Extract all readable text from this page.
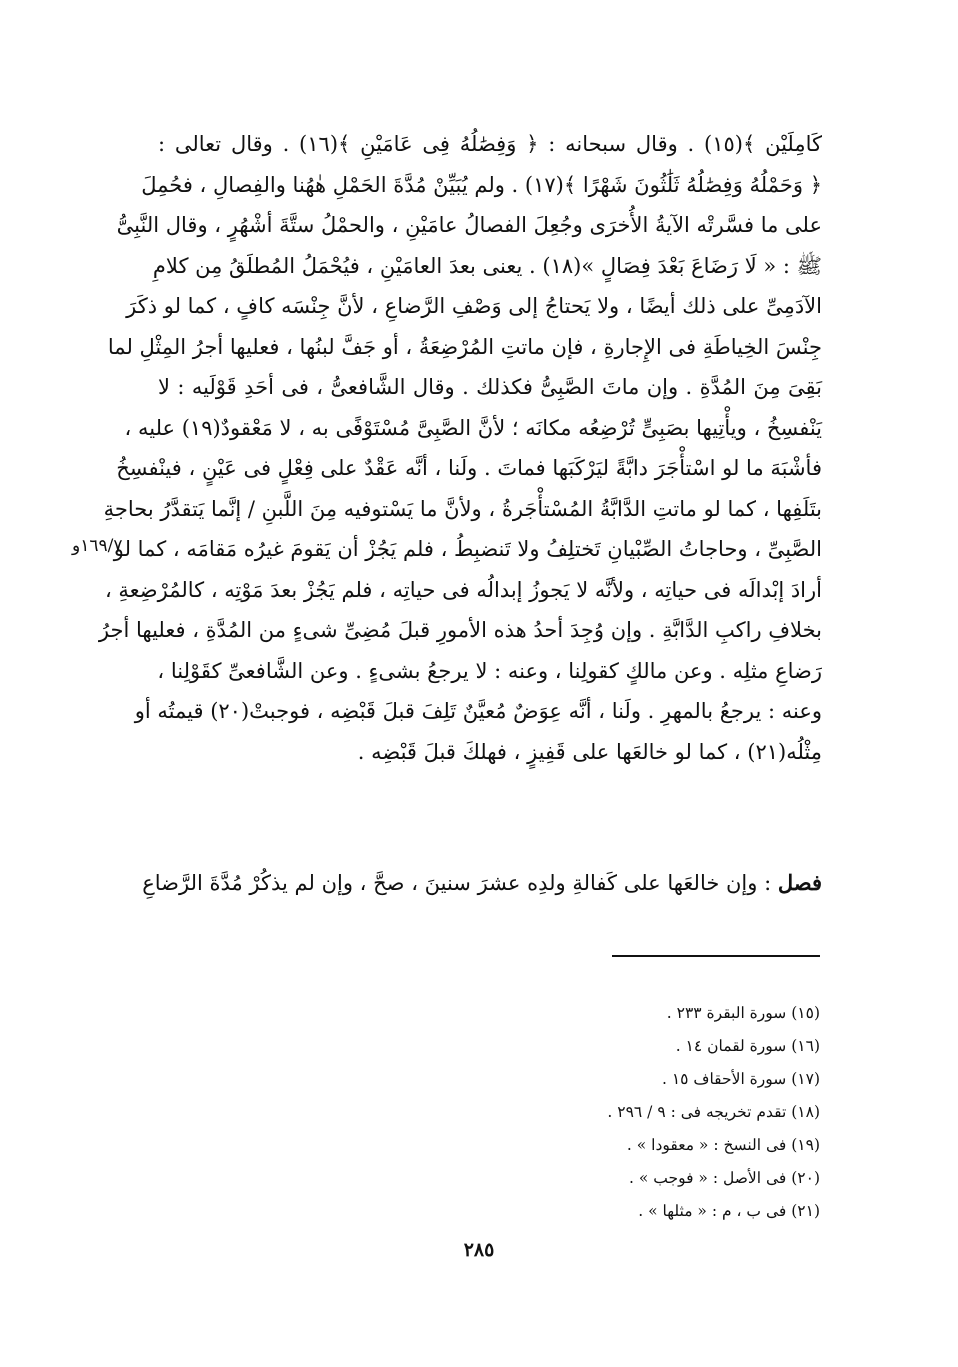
كَامِلَيْن ﴾(١٥) . وقال سبحانه : ﴿ وَفِصَٰلُهُ فِى عَامَيْنِ ﴾(١٦) . وقال تعالى :
﴿ وَحَمْلُهُ وَفِصَٰلُهُ ثَلَٰثُونَ شَهْرًا ﴾(١٧) . ولم يُبَيِّنْ مُدَّةَ الحَمْلِ هٰهُنا والفِصالِ ، فحُمِلَ
على ما فسَّرتْه الآيةُ الأُخرَى وجُعِلَ الفصالُ عامَيْنِ ، والحمْلُ ستَّةَ أشْهُرٍ ، وقال النَّبِىُّ
ﷺ : « لَا رَضَاعَ بَعْدَ فِصَالٍ »(١٨) . يعنى بعدَ العامَيْنِ ، فيُحْمَلُ المُطلَقُ مِن كلامِ
الآدَمِىِّ على ذلك أيضًا ، ولا يَحتاجُ إلى وَصْفِ الرَّضاعِ ، لأنَّ جِنْسَه كافٍ ، كما لو ذكَرَ
جِنْسَ الخِياطَةِ فى الإِجارةِ ، فإن ماتتِ المُرْضِعَةُ ، أو جَفَّ لبنُها ، فعليها أجرُ المِثْلِ لما
بَقِىَ مِنَ المُدَّةِ . وإن ماتَ الصَّبِىُّ فكذلك . وقال الشَّافعىُّ ، فى أحَدِ قَوْلَيه : لا
يَنْفسِخُ ، ويأْتِيها بصَبِىٍّ تُرْضِعُه مكانَه ؛ لأنَّ الصَّبِىَّ مُسْتَوْفًى به ، لا مَعْقودٌ(١٩) عليه ،
فأشْبَهَ ما لو اسْتأْجَرَ دابَّةً ليَرْكَبَها فماتَ . ولَنا ، أنَّه عَقْدٌ على فِعْلٍ فى عَيْنٍ ، فينْفسِخُ
بتَلَفِها ، كما لو ماتتِ الدَّابَّةُ المُسْتأْجَرةُ ، ولأنَّ ما يَسْتوفيه مِنَ اللَّبنِ / إنَّما يَتقدَّرُ بحاجةِ
الصَّبِىِّ ، وحاجاتُ الصِّبْيانِ تَختلِفُ ولا تَنضبِطُ ، فلم يَجُزْ أن يَقومَ غيرُه مَقامَه ، كما لو
أرادَ إبْدالَه فى حياتِه ، ولأنَّه لا يَجوزُ إبدالُه فى حياتِه ، فلم يَجُزْ بعدَ مَوْتِه ، كالمُرْضِعةِ ،
بخلافِ راكبِ الدَّابَّةِ . وإن وُجِدَ أحدُ هذه الأمورِ قبلَ مُضِىِّ شىءٍ من المُدَّةِ ، فعليها أجرُ
رَضاعِ مثلِه . وعن مالكٍ كقولِنا ، وعنه : لا يرجعُ بشىءٍ . وعن الشَّافعىِّ كقَوْلِنا ،
وعنه : يرجعُ بالمهرِ . ولَنا ، أنَّه عِوَضٌ مُعيَّنٌ تَلِفَ قبلَ قَبْضِه ، فوجبتْ(٢٠) قيمتُه أو
مِثْلُه(٢١) ، كما لو خالعَها على قَفِيزٍ ، فهلكَ قبلَ قَبْضِه .
١٦٩/٧و
فصل : وإن خالعَها على كَفالةِ ولدِه عشرَ سنينَ ، صحَّ ، وإن لم يذكُرْ مُدَّةَ الرَّضاعِ
(١٥) سورة البقرة ٢٣٣ .
(١٦) سورة لقمان ١٤ .
(١٧) سورة الأحقاف ١٥ .
(١٨) تقدم تخريجه فى : ٩ / ٢٩٦ .
(١٩) فى النسخ : « معقودا » .
(٢٠) فى الأصل : « فوجب » .
(٢١) فى ب ، م : « مثلها » .
٢٨٥
